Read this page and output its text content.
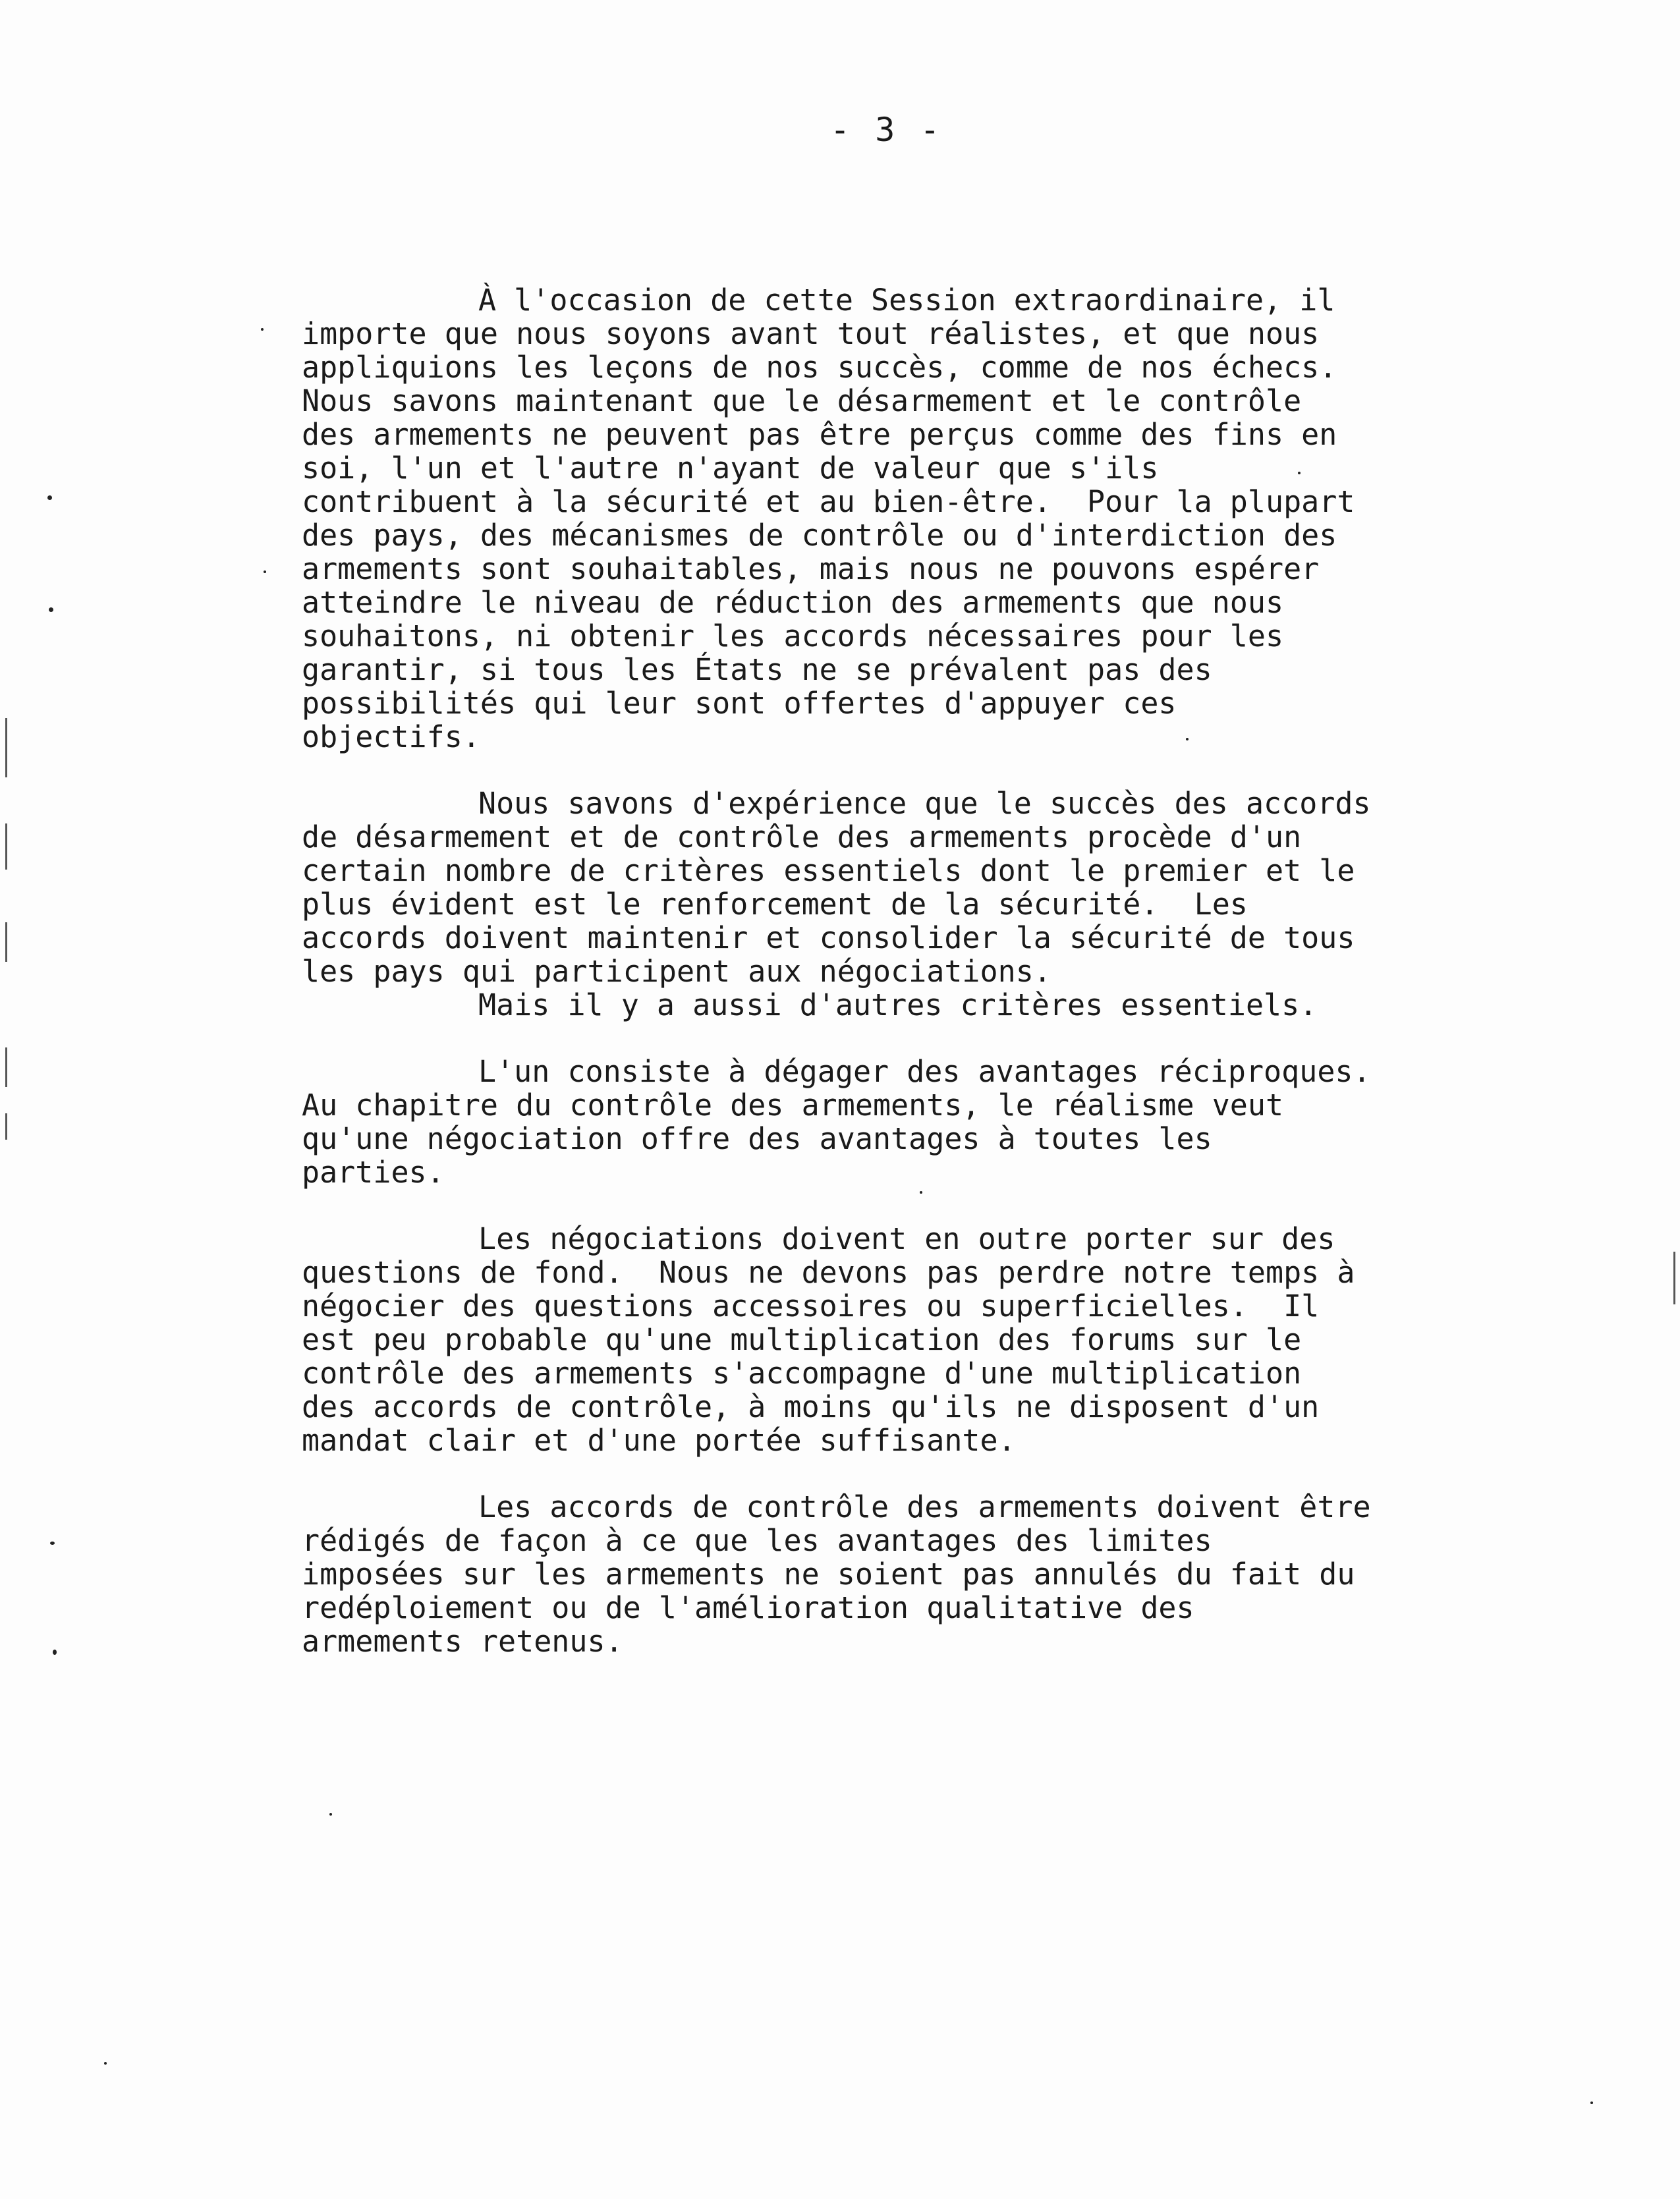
- 3 -
À l'occasion de cette Session extraordinaire, il
importe que nous soyons avant tout réalistes, et que nous
appliquions les leçons de nos succès, comme de nos échecs.
Nous savons maintenant que le désarmement et le contrôle
des armements ne peuvent pas être perçus comme des fins en
soi, l'un et l'autre n'ayant de valeur que s'ils
contribuent à la sécurité et au bien-être.  Pour la plupart
des pays, des mécanismes de contrôle ou d'interdiction des
armements sont souhaitables, mais nous ne pouvons espérer
atteindre le niveau de réduction des armements que nous
souhaitons, ni obtenir les accords nécessaires pour les
garantir, si tous les États ne se prévalent pas des
possibilités qui leur sont offertes d'appuyer ces
objectifs.
Nous savons d'expérience que le succès des accords
de désarmement et de contrôle des armements procède d'un
certain nombre de critères essentiels dont le premier et le
plus évident est le renforcement de la sécurité.  Les
accords doivent maintenir et consolider la sécurité de tous
les pays qui participent aux négociations.
Mais il y a aussi d'autres critères essentiels.
L'un consiste à dégager des avantages réciproques.
Au chapitre du contrôle des armements, le réalisme veut
qu'une négociation offre des avantages à toutes les
parties.
Les négociations doivent en outre porter sur des
questions de fond.  Nous ne devons pas perdre notre temps à
négocier des questions accessoires ou superficielles.  Il
est peu probable qu'une multiplication des forums sur le
contrôle des armements s'accompagne d'une multiplication
des accords de contrôle, à moins qu'ils ne disposent d'un
mandat clair et d'une portée suffisante.
Les accords de contrôle des armements doivent être
rédigés de façon à ce que les avantages des limites
imposées sur les armements ne soient pas annulés du fait du
redéploiement ou de l'amélioration qualitative des
armements retenus.
